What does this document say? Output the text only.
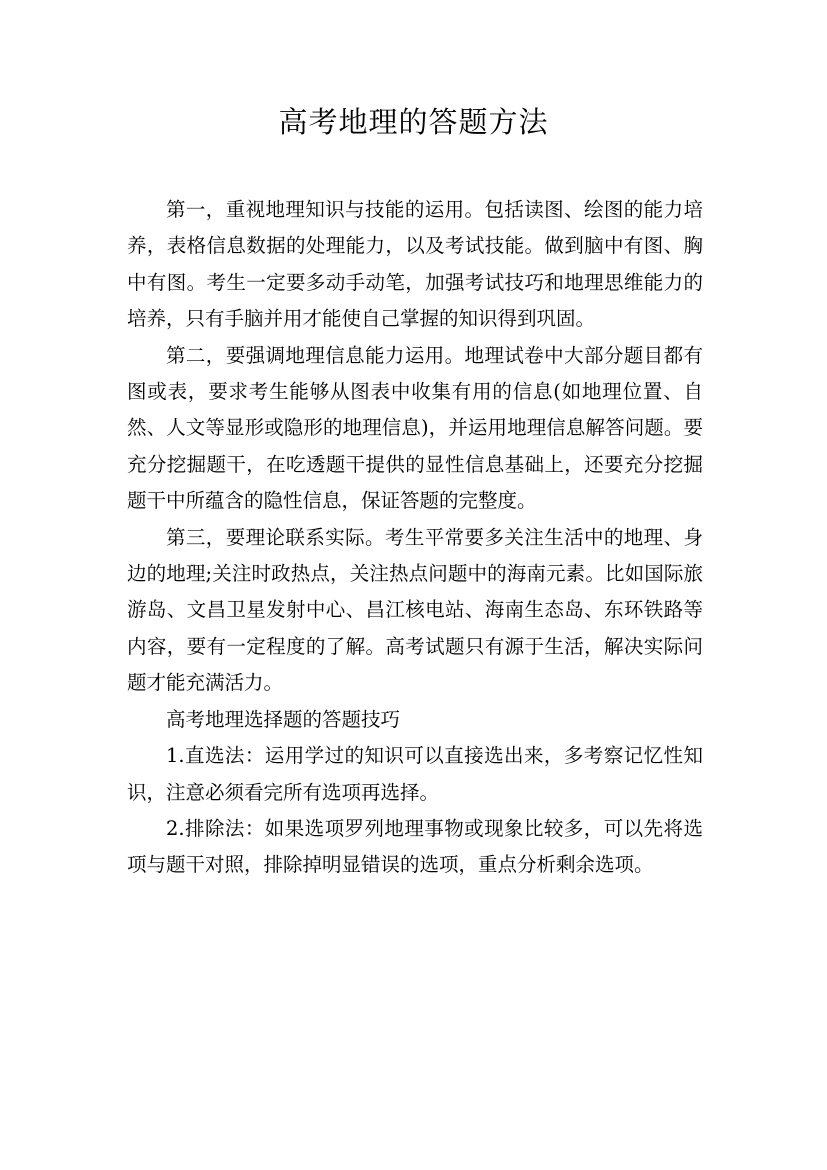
高考地理的答题方法

第一，重视地理知识与技能的运用。包括读图、绘图的能力培养，表格信息数据的处理能力，以及考试技能。做到脑中有图、胸中有图。考生一定要多动手动笔，加强考试技巧和地理思维能力的培养，只有手脑并用才能使自己掌握的知识得到巩固。

第二，要强调地理信息能力运用。地理试卷中大部分题目都有图或表，要求考生能够从图表中收集有用的信息(如地理位置、自然、人文等显形或隐形的地理信息)，并运用地理信息解答问题。要充分挖掘题干，在吃透题干提供的显性信息基础上，还要充分挖掘题干中所蕴含的隐性信息，保证答题的完整度。

第三，要理论联系实际。考生平常要多关注生活中的地理、身边的地理;关注时政热点，关注热点问题中的海南元素。比如国际旅游岛、文昌卫星发射中心、昌江核电站、海南生态岛、东环铁路等内容，要有一定程度的了解。高考试题只有源于生活，解决实际问题才能充满活力。

高考地理选择题的答题技巧

1.直选法：运用学过的知识可以直接选出来，多考察记忆性知识，注意必须看完所有选项再选择。

2.排除法：如果选项罗列地理事物或现象比较多，可以先将选项与题干对照，排除掉明显错误的选项，重点分析剩余选项。
